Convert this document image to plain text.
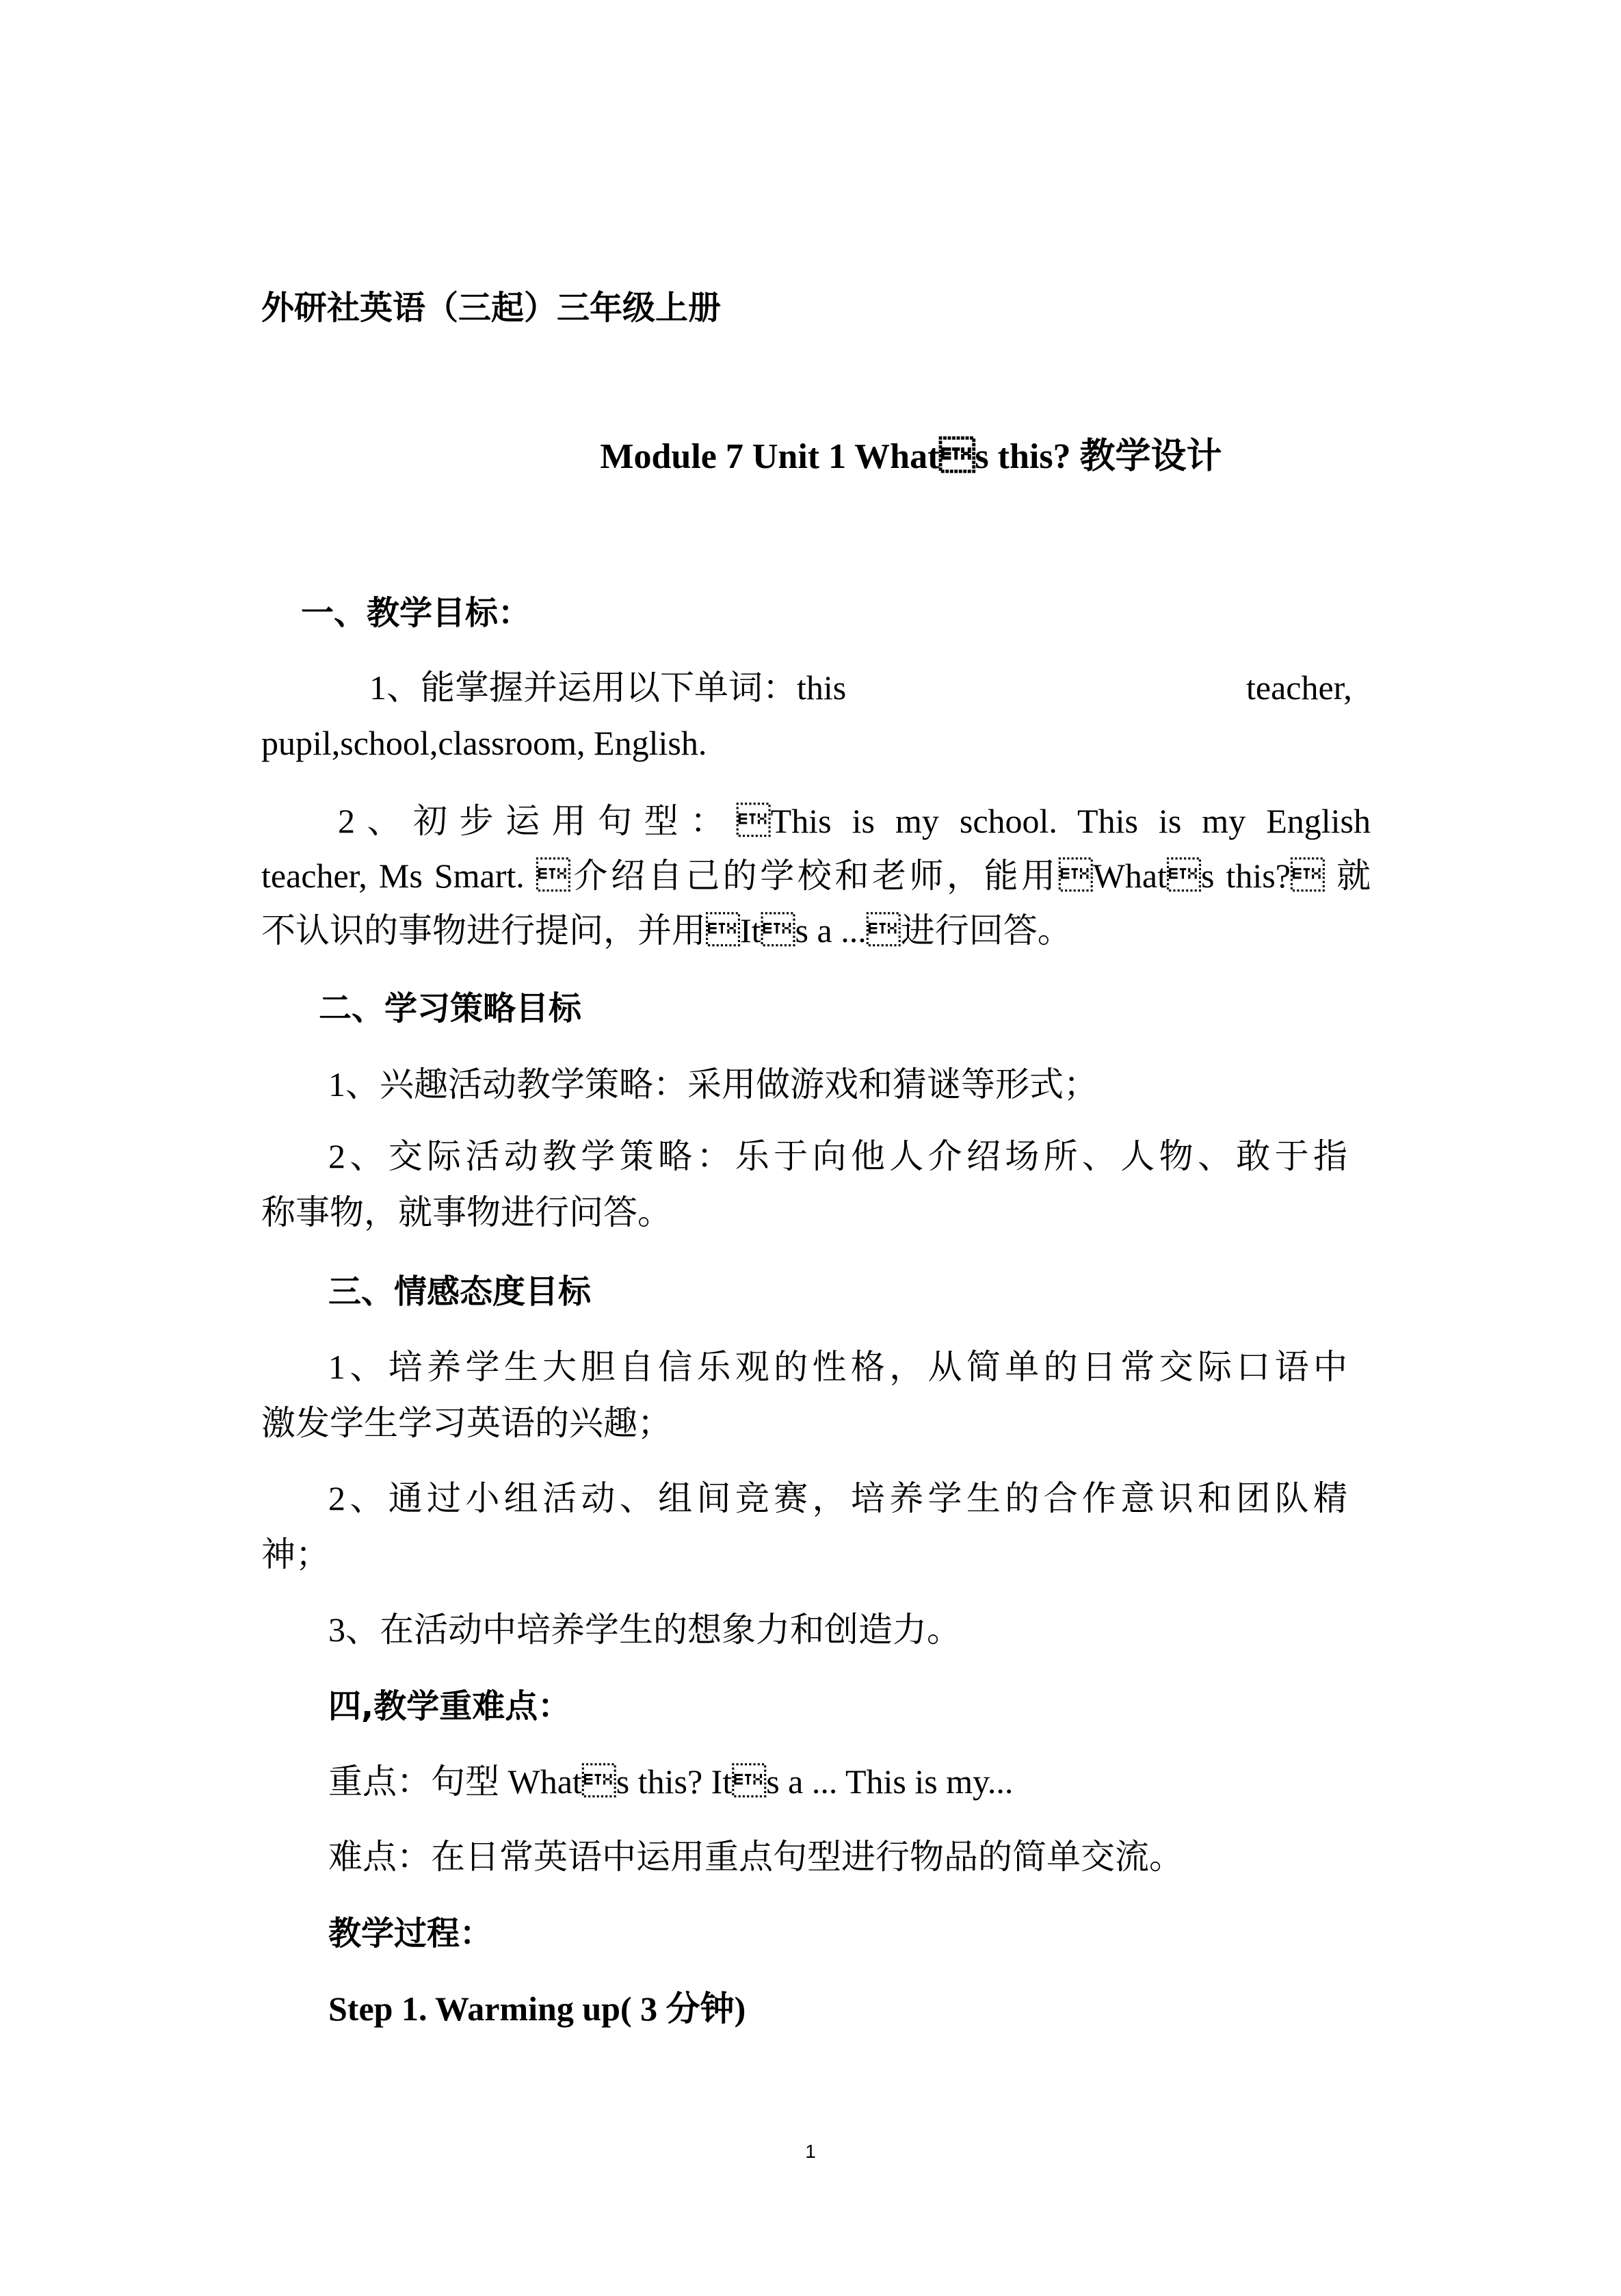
外研社英语（三起）三年级上册
Module 7 Unit 1 Whats this? 教学设计
一、教学目标：
1、能掌握并运用以下单词：this	teacher,
pupil,school,classroom, English.
2、初步运用句型：This is my school. This is my English
teacher, Ms Smart. 介绍自己的学校和老师，能用Whats this? 就
不认识的事物进行提问，并用Its a ...进行回答。
二、学习策略目标
1、兴趣活动教学策略：采用做游戏和猜谜等形式；
2、交际活动教学策略：乐于向他人介绍场所、人物、敢于指
称事物，就事物进行问答。
三、情感态度目标
1、培养学生大胆自信乐观的性格，从简单的日常交际口语中
激发学生学习英语的兴趣；
2、通过小组活动、组间竞赛，培养学生的合作意识和团队精
神；
3、在活动中培养学生的想象力和创造力。
四,教学重难点：
重点：句型 Whats this? Its a ... This is my...
难点：在日常英语中运用重点句型进行物品的简单交流。
教学过程：
Step 1. Warming up( 3 分钟)
1
